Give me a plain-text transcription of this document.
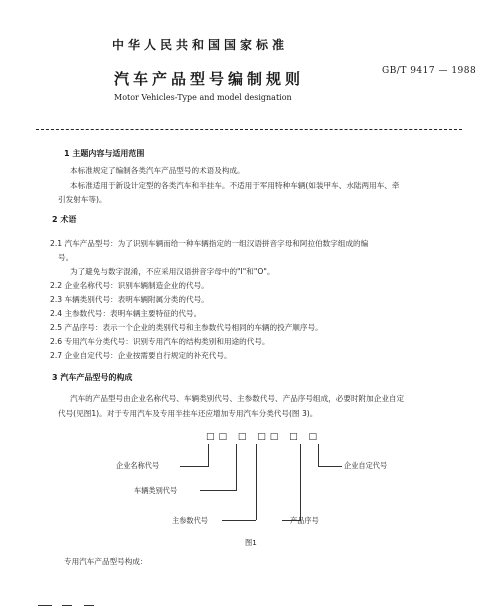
中华人民共和国国家标准
GB/T 9417 — 1988
汽车产品型号编制规则
Motor Vehicles-Type and model designation
1 主题内容与适用范围
本标准规定了编制各类汽车产品型号的术语及构成。
本标准适用于新设计定型的各类汽车和半挂车。不适用于军用特种车辆(如装甲车、水陆两用车、牵
引发射车等)。
2 术语
2.1 汽车产品型号：为了识别车辆而给一种车辆指定的一组汉语拼音字母和阿拉伯数字组成的编
号。
为了避免与数字混淆，不应采用汉语拼音字母中的"I"和"O"。
2.2 企业名称代号：识别车辆制造企业的代号。
2.3 车辆类别代号：表明车辆附属分类的代号。
2.4 主参数代号：表明车辆主要特征的代号。
2.5 产品序号：表示一个企业的类别代号和主参数代号相同的车辆的投产顺序号。
2.6 专用汽车分类代号：识别专用汽车的结构类别和用途的代号。
2.7 企业自定代号：企业按需要自行规定的补充代号。
3 汽车产品型号的构成
汽车的产品型号由企业名称代号、车辆类别代号、主参数代号、产品序号组成，必要时附加企业自定
代号(见图1)。对于专用汽车及专用半挂车还应增加专用汽车分类代号(图 3)。
□□ □ □□ □ □
企业名称代号	企业自定代号
车辆类别代号
主参数代号	产品序号
图1
专用汽车产品型号构成：
